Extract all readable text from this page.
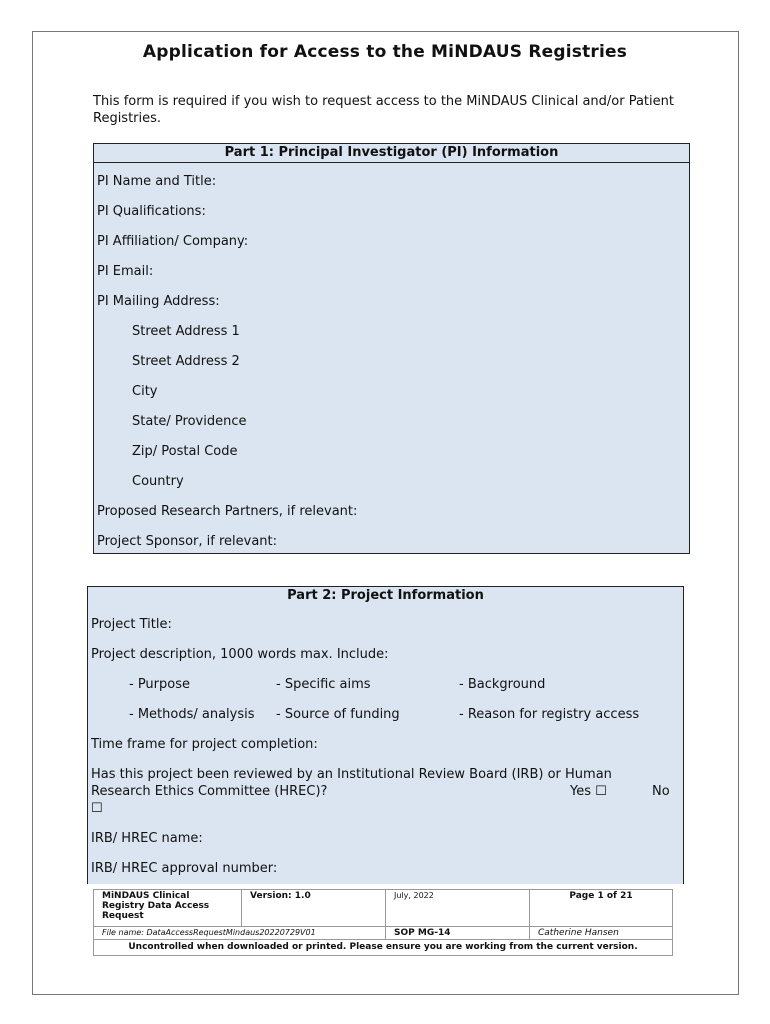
Application for Access to the MiNDAUS Registries
This form is required if you wish to request access to the MiNDAUS Clinical and/or Patient Registries.
Part 1: Principal Investigator (PI) Information
PI Name and Title:
PI Qualifications:
PI Affiliation/ Company:
PI Email:
PI Mailing Address:
Street Address 1
Street Address 2
City
State/ Providence
Zip/ Postal Code
Country
Proposed Research Partners, if relevant:
Project Sponsor, if relevant:
Part 2: Project Information
Project Title:
Project description, 1000 words max. Include:
- Purpose	- Specific aims	- Background
- Methods/ analysis - Source of funding	- Reason for registry access
Time frame for project completion:
Has this project been reviewed by an Institutional Review Board (IRB) or Human
Research Ethics Committee (HREC)?	Yes ☐	No
☐
IRB/ HREC name:
IRB/ HREC approval number:
MiNDAUS Clinical Registry Data Access Request
Version: 1.0	July, 2022	Page 1 of 21
File name: DataAccessRequestMindaus20220729V01	SOP MG-14	Catherine Hansen
Uncontrolled when downloaded or printed. Please ensure you are working from the current version.
